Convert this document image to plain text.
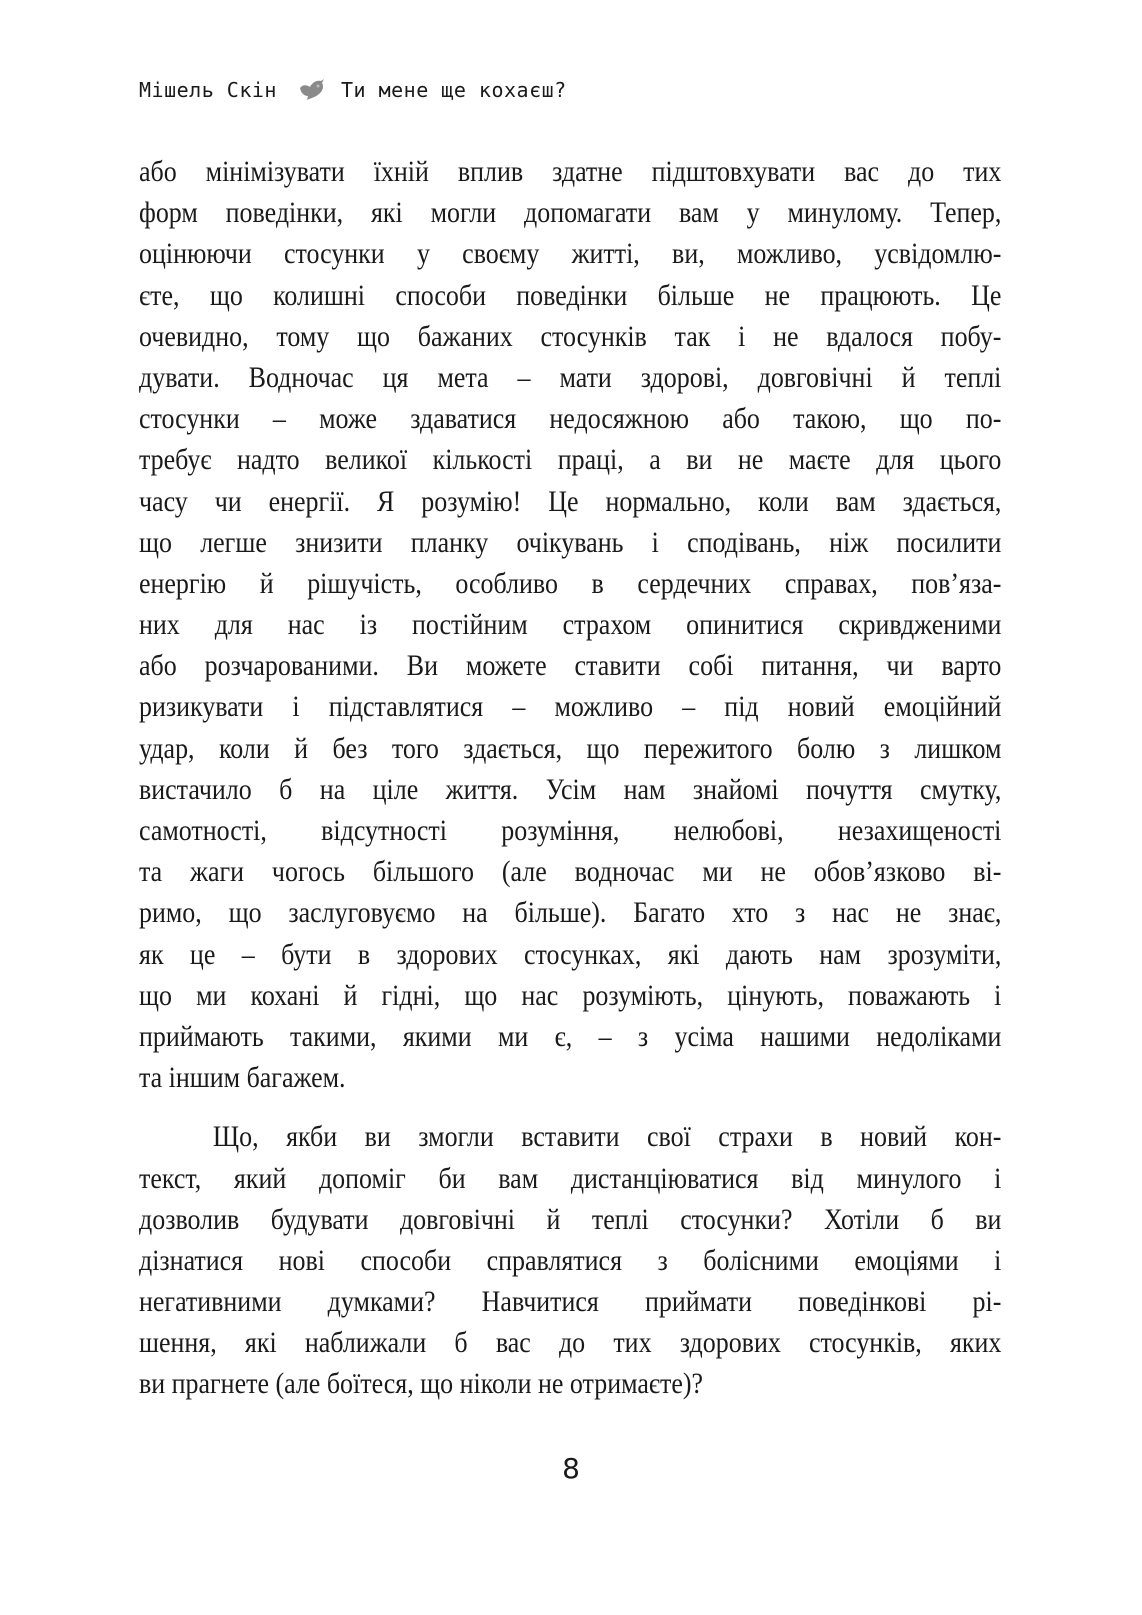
Мішель Скін	Ти мене ще кохаєш?
або мінімізувати їхній вплив здатне підштовхувати вас до тих
форм поведінки, які могли допомагати вам у минулому. Тепер,
оцінюючи стосунки у своєму житті, ви, можливо, усвідомлю-
єте, що колишні способи поведінки більше не працюють. Це
очевидно, тому що бажаних стосунків так і не вдалося побу-
дувати. Водночас ця мета – мати здорові, довговічні й теплі
стосунки – може здаватися недосяжною або такою, що по-
требує надто великої кількості праці, а ви не маєте для цього
часу чи енергії. Я розумію! Це нормально, коли вам здається,
що легше знизити планку очікувань і сподівань, ніж посилити
енергію й рішучість, особливо в сердечних справах, пов’яза-
них для нас із постійним страхом опинитися скривдженими
або розчарованими. Ви можете ставити собі питання, чи варто
ризикувати і підставлятися – можливо – під новий емоційний
удар, коли й без того здається, що пережитого болю з лишком
вистачило б на ціле життя. Усім нам знайомі почуття смутку,
самотності, відсутності розуміння, нелюбові, незахищеності
та жаги чогось більшого (але водночас ми не обов’язково ві-
римо, що заслуговуємо на більше). Багато хто з нас не знає,
як це – бути в здорових стосунках, які дають нам зрозуміти,
що ми кохані й гідні, що нас розуміють, цінують, поважають і
приймають такими, якими ми є, – з усіма нашими недоліками
та іншим багажем.
Що, якби ви змогли вставити свої страхи в новий кон-
текст, який допоміг би вам дистанціюватися від минулого і
дозволив будувати довговічні й теплі стосунки? Хотіли б ви
дізнатися нові способи справлятися з болісними емоціями і
негативними думками? Навчитися приймати поведінкові рі-
шення, які наближали б вас до тих здорових стосунків, яких
ви прагнете (але боїтеся, що ніколи не отримаєте)?
8
